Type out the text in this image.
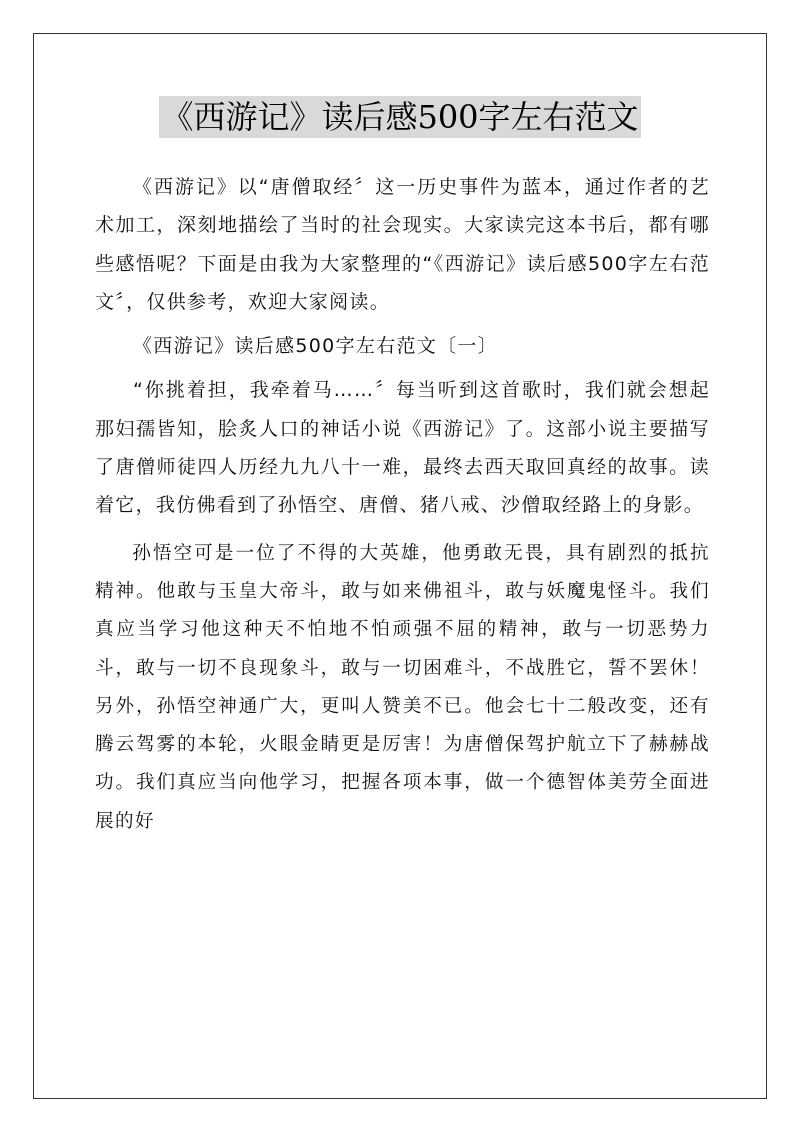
《西游记》读后感500字左右范文

《西游记》以“唐僧取经〞这一历史事件为蓝本，通过作者的艺术加工，深刻地描绘了当时的社会现实。大家读完这本书后，都有哪些感悟呢？下面是由我为大家整理的“《西游记》读后感500字左右范文〞，仅供参考，欢迎大家阅读。

《西游记》读后感500字左右范文〔一〕

“你挑着担，我牵着马……〞每当听到这首歌时，我们就会想起那妇孺皆知，脍炙人口的神话小说《西游记》了。这部小说主要描写了唐僧师徒四人历经九九八十一难，最终去西天取回真经的故事。读着它，我仿佛看到了孙悟空、唐僧、猪八戒、沙僧取经路上的身影。

孙悟空可是一位了不得的大英雄，他勇敢无畏，具有剧烈的抵抗精神。他敢与玉皇大帝斗，敢与如来佛祖斗，敢与妖魔鬼怪斗。我们真应当学习他这种天不怕地不怕顽强不屈的精神，敢与一切恶势力斗，敢与一切不良现象斗，敢与一切困难斗，不战胜它，誓不罢休！另外，孙悟空神通广大，更叫人赞美不已。他会七十二般改变，还有腾云驾雾的本轮，火眼金睛更是厉害！为唐僧保驾护航立下了赫赫战功。我们真应当向他学习，把握各项本事，做一个德智体美劳全面进展的好
